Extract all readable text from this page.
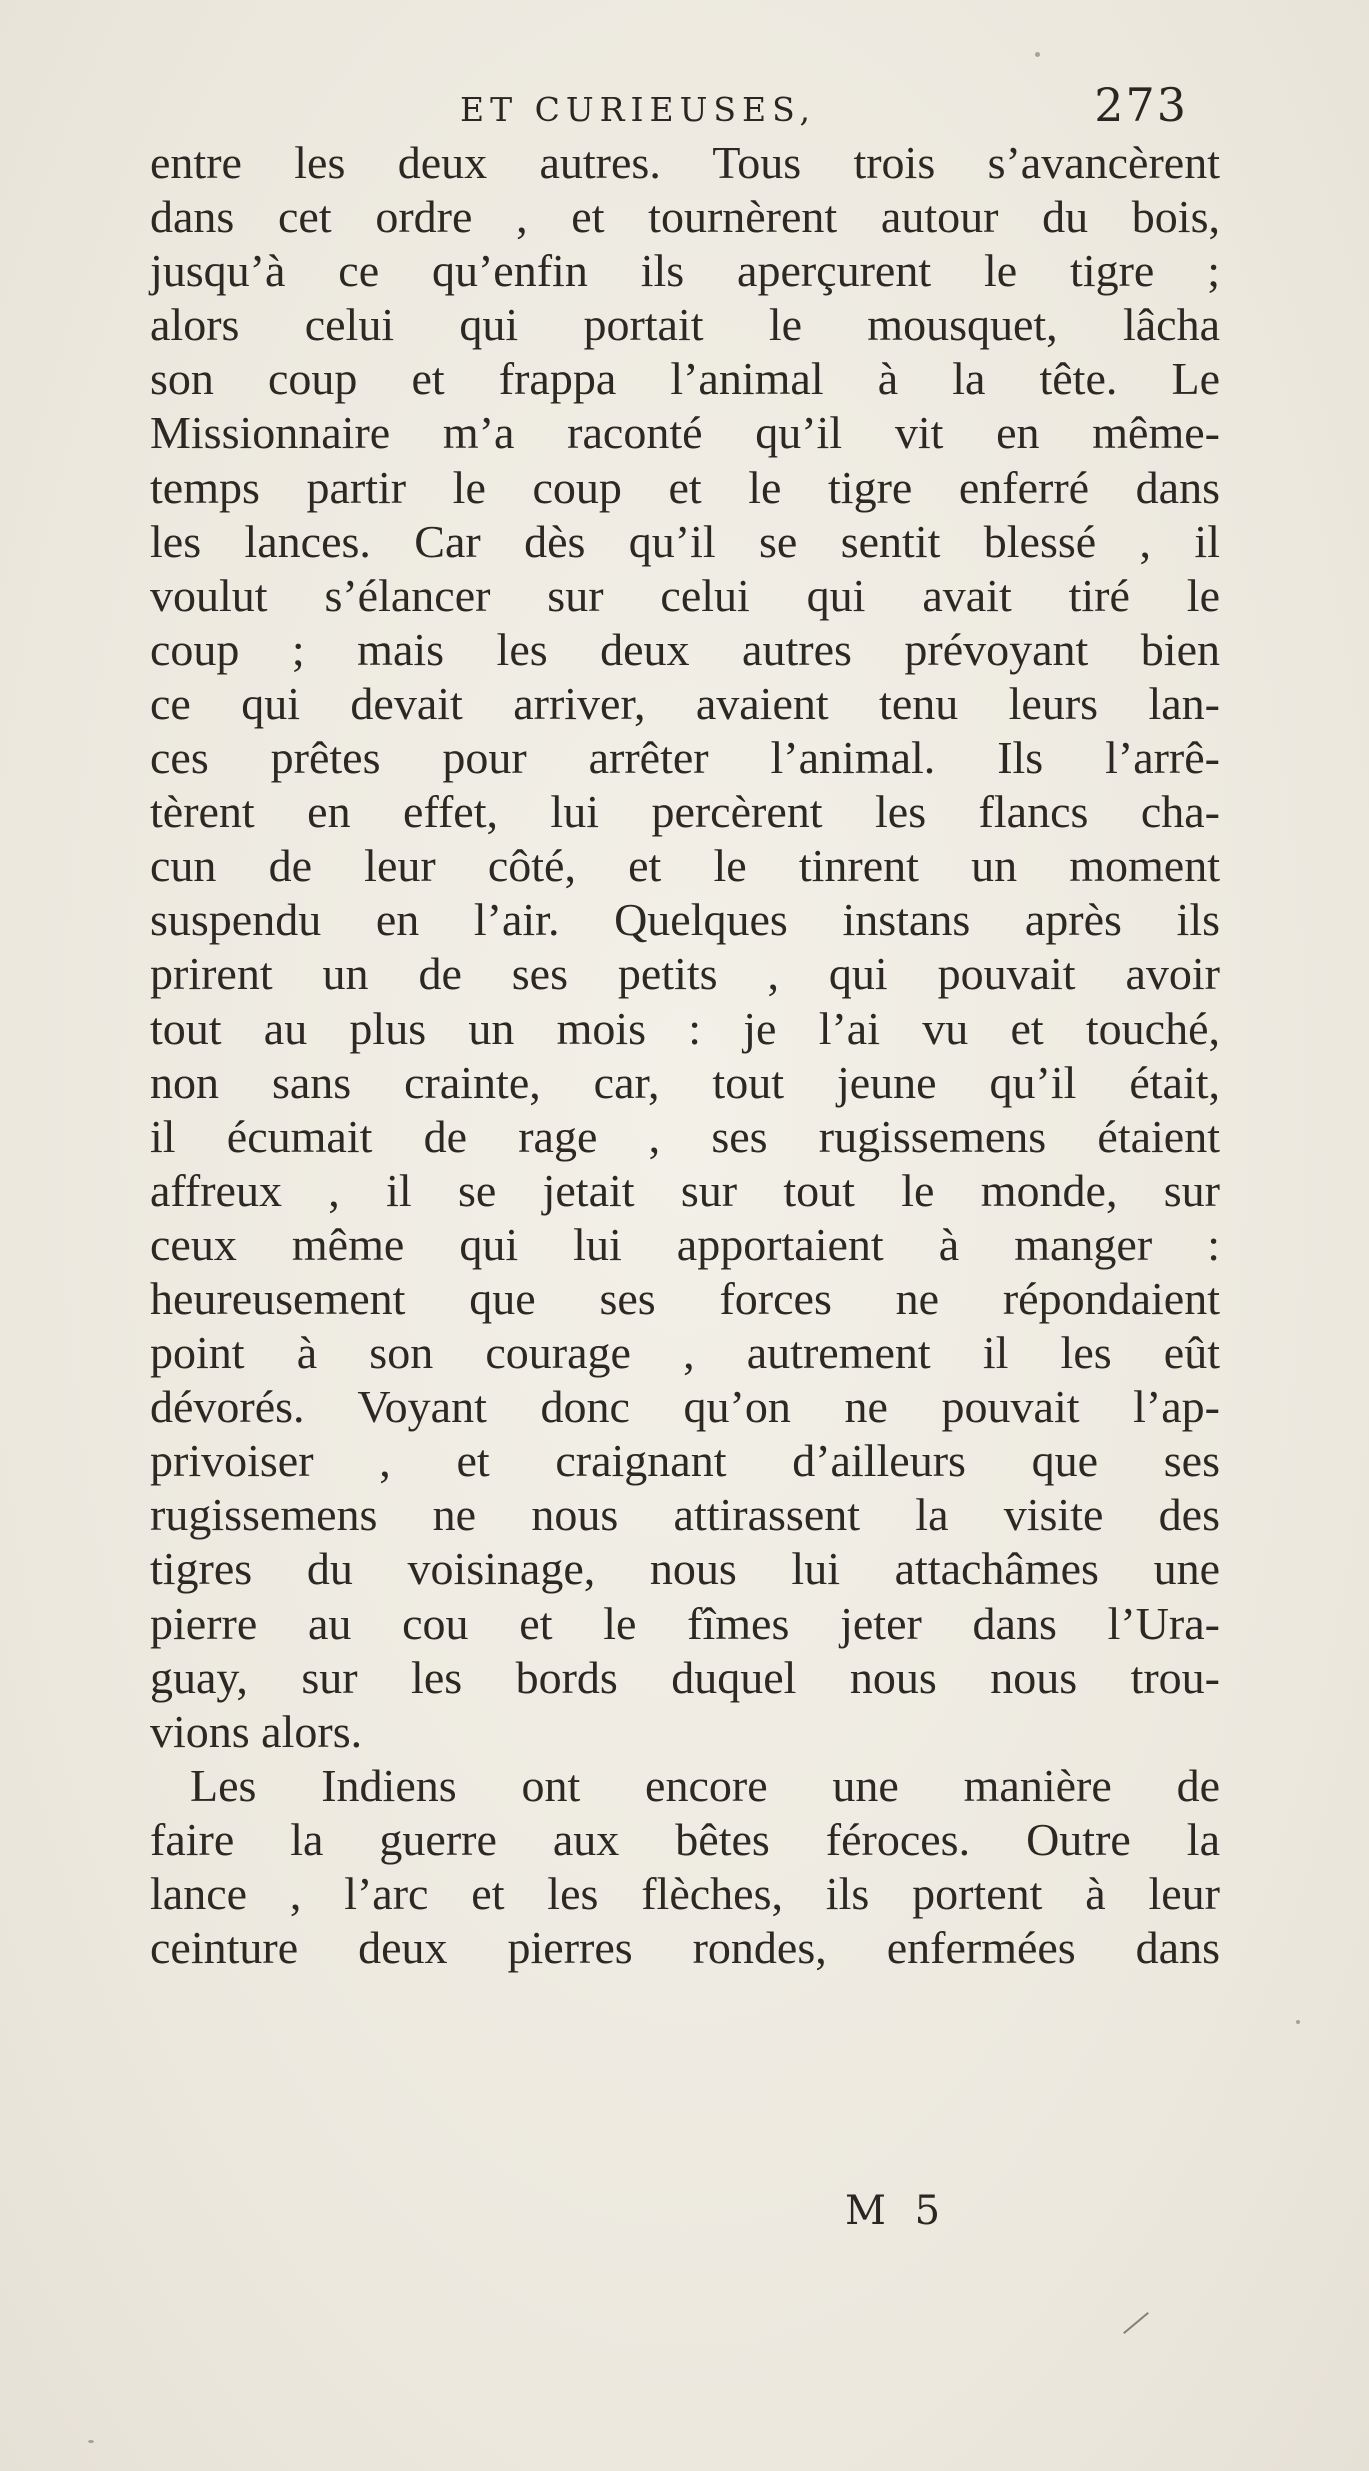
ET CURIEUSES,	273
entre les deux autres. Tous trois s’avancèrent
dans cet ordre , et tournèrent autour du bois,
jusqu’à ce qu’enfin ils aperçurent le tigre ;
alors celui qui portait le mousquet, lâcha
son coup et frappa l’animal à la tête. Le
Missionnaire m’a raconté qu’il vit en même-
temps partir le coup et le tigre enferré dans
les lances. Car dès qu’il se sentit blessé , il
voulut s’élancer sur celui qui avait tiré le
coup ; mais les deux autres prévoyant bien
ce qui devait arriver, avaient tenu leurs lan-
ces prêtes pour arrêter l’animal. Ils l’arrê-
tèrent en effet, lui percèrent les flancs cha-
cun de leur côté, et le tinrent un moment
suspendu en l’air. Quelques instans après ils
prirent un de ses petits , qui pouvait avoir
tout au plus un mois : je l’ai vu et touché,
non sans crainte, car, tout jeune qu’il était,
il écumait de rage , ses rugissemens étaient
affreux , il se jetait sur tout le monde, sur
ceux même qui lui apportaient à manger :
heureusement que ses forces ne répondaient
point à son courage , autrement il les eût
dévorés. Voyant donc qu’on ne pouvait l’ap-
privoiser , et craignant d’ailleurs que ses
rugissemens ne nous attirassent la visite des
tigres du voisinage, nous lui attachâmes une
pierre au cou et le fîmes jeter dans l’Ura-
guay, sur les bords duquel nous nous trou-
vions alors.
Les Indiens ont encore une manière de
faire la guerre aux bêtes féroces. Outre la
lance , l’arc et les flèches, ils portent à leur
ceinture deux pierres rondes, enfermées dans
M 5
